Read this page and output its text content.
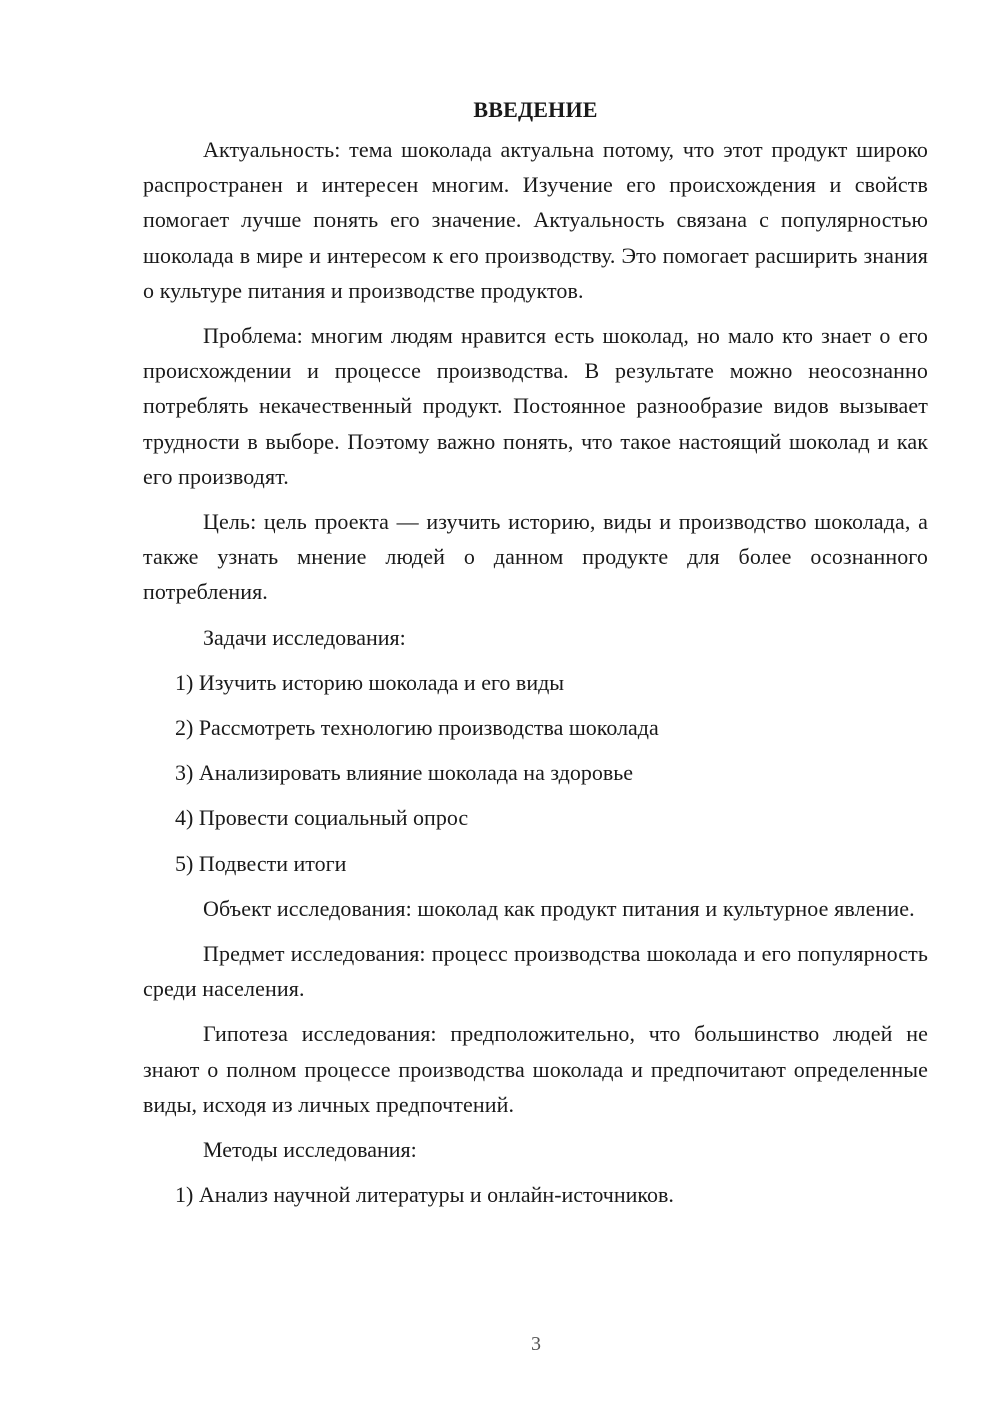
ВВЕДЕНИЕ

Актуальность: тема шоколада актуальна потому, что этот продукт широко распространен и интересен многим. Изучение его происхождения и свойств помогает лучше понять его значение. Актуальность связана с популярностью шоколада в мире и интересом к его производству. Это помогает расширить знания о культуре питания и производстве продуктов.

Проблема: многим людям нравится есть шоколад, но мало кто знает о его происхождении и процессе производства. В результате можно неосознанно потреблять некачественный продукт. Постоянное разнообразие видов вызывает трудности в выборе. Поэтому важно понять, что такое настоящий шоколад и как его производят.

Цель: цель проекта — изучить историю, виды и производство шоколада, а также узнать мнение людей о данном продукте для более осознанного потребления.

Задачи исследования:

1) Изучить историю шоколада и его виды
2) Рассмотреть технологию производства шоколада
3) Анализировать влияние шоколада на здоровье
4) Провести социальный опрос
5) Подвести итоги

Объект исследования: шоколад как продукт питания и культурное явление.

Предмет исследования: процесс производства шоколада и его популярность среди населения.

Гипотеза исследования: предположительно, что большинство людей не знают о полном процессе производства шоколада и предпочитают определенные виды, исходя из личных предпочтений.

Методы исследования:

1) Анализ научной литературы и онлайн-источников.
3
